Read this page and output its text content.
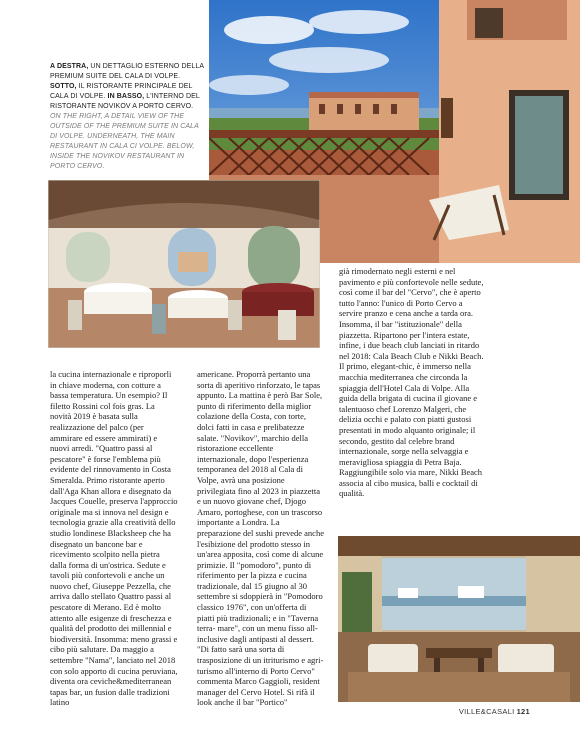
A DESTRA, UN DETTAGLIO ESTERNO DELLA PREMIUM SUITE DEL CALA DI VOLPE. SOTTO, IL RISTORANTE PRINCIPALE DEL CALA DI VOLPE. IN BASSO, L'INTERNO DEL RISTORANTE NOVIKOV A PORTO CERVO.

ON THE RIGHT, A DETAIL VIEW OF THE OUTSIDE OF THE PREMIUM SUITE IN CALA DI VOLPE. UNDERNEATH, THE MAIN RESTAURANT IN CALA CI VOLPE. BELOW, INSIDE THE NOVIKOV RESTAURANT IN PORTO CERVO.

la cucina internazionale e riproporli in chiave moderna, con cotture a bassa temperatura. Un esempio? Il filetto Rossini col fois gras. La novità 2019 è basata sulla realizzazione del palco (per ammirare ed essere ammirati) e nuovi arredi. "Quattro passi al pescatore" è forse l'emblema più evidente del rinnovamento in Costa Smeralda. Primo ristorante aperto dall'Aga Khan allora e disegnato da Jacques Couelle, preserva l'approccio originale ma si innova nel design e tecnologia grazie alla creatività dello studio londinese Blacksheep che ha disegnato un bancone bar e ricevimento scolpito nella pietra dalla forma di un'ostrica. Sedute e tavoli più confortevoli e anche un nuovo chef, Giuseppe Pezzella, che arriva dallo stellato Quattro passi al pescatore di Merano. Ed è molto attento alle esigenze di freschezza e qualità del prodotto dei millennial e biodiversità. Insomma: meno grassi e cibo più salutare. Da maggio a settembre "Nama", lanciato nel 2018 con solo apporto di cucina peruviana, diventa ora ceviche&mediterranean tapas bar, un fusion dalle tradizioni latino

americane. Proporrà pertanto una sorta di aperitivo rinforzato, le tapas appunto. La mattina è però Bar Sole, punto di riferimento della miglior colazione della Costa, con torte, dolci fatti in casa e prelibatezze salate. "Novikov", marchio della ristorazione eccellente internazionale, dopo l'esperienza temporanea del 2018 al Cala di Volpe, avrà una posizione privilegiata fino al 2023 in piazzetta e un nuovo giovane chef, Djogo Amaro, portoghese, con un trascorso importante a Londra. La preparazione del sushi prevede anche l'esibizione del prodotto stesso in un'area apposita, così come di alcune primizie. Il "pomodoro", punto di riferimento per la pizza e cucina tradizionale, dal 15 giugno al 30 settembre si sdoppierà in "Pomodoro classico 1976", con un'offerta di piatti più tradizionali; e in "Taverna terra- mare", con un menu fisso all-inclusive dagli antipasti al dessert. "Di fatto sarà una sorta di trasposizione di un itriturismo e agri-turismo all'interno di Porto Cervo" commenta Marco Gaggioli, resident manager del Cervo Hotel. Si rifà il look anche il bar "Portico"

già rimodernato negli esterni e nel pavimento e più confortevole nelle sedute, così come il bar del "Cervo", che è aperto tutto l'anno: l'unico di Porto Cervo a servire pranzo e cena anche a tarda ora. Insomma, il bar "istituzionale" della piazzetta. Ripartono per l'intera estate, infine, i due beach club lanciati in ritardo nel 2018: Cala Beach Club e Nikki Beach. Il primo, elegant-chic, è immerso nella macchia mediterranea che circonda la spiaggia dell'Hotel Cala di Volpe. Alla guida della brigata di cucina il giovane e talentuoso chef Lorenzo Malgeri, che delizia occhi e palato con piatti gustosi presentati in modo alquanto originale; il secondo, gestito dal celebre brand internazionale, sorge nella selvaggia e meravigliosa spiaggia di Petra Baja. Raggiungibile solo via mare, Nikki Beach associa al cibo musica, balli e cocktail di qualità.

VILLE&CASALI 121
